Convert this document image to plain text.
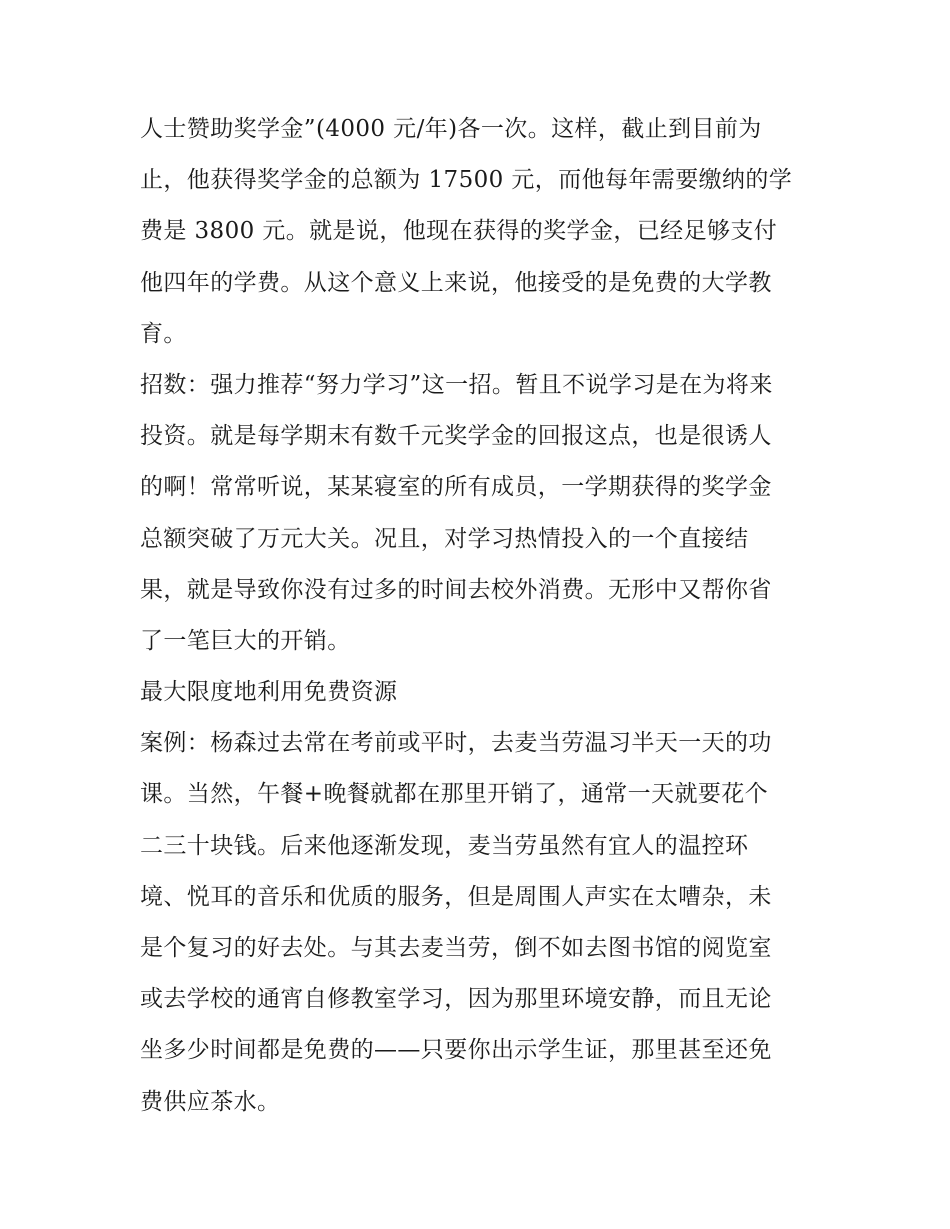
人士赞助奖学金”(4000 元/年)各一次。这样，截止到目前为
止，他获得奖学金的总额为 17500 元，而他每年需要缴纳的学
费是 3800 元。就是说，他现在获得的奖学金，已经足够支付
他四年的学费。从这个意义上来说，他接受的是免费的大学教
育。
招数：强力推荐“努力学习”这一招。暂且不说学习是在为将来
投资。就是每学期末有数千元奖学金的回报这点，也是很诱人
的啊！常常听说，某某寝室的所有成员，一学期获得的奖学金
总额突破了万元大关。况且，对学习热情投入的一个直接结
果，就是导致你没有过多的时间去校外消费。无形中又帮你省
了一笔巨大的开销。
最大限度地利用免费资源
案例：杨森过去常在考前或平时，去麦当劳温习半天一天的功
课。当然，午餐+晚餐就都在那里开销了，通常一天就要花个
二三十块钱。后来他逐渐发现，麦当劳虽然有宜人的温控环
境、悦耳的音乐和优质的服务，但是周围人声实在太嘈杂，未
是个复习的好去处。与其去麦当劳，倒不如去图书馆的阅览室
或去学校的通宵自修教室学习，因为那里环境安静，而且无论
坐多少时间都是免费的——只要你出示学生证，那里甚至还免
费供应茶水。
